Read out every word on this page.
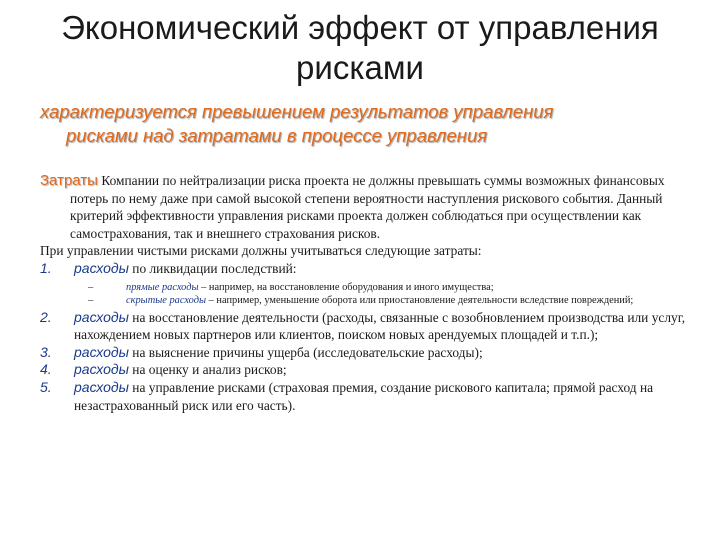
Экономический эффект от управления рисками
характеризуется превышением результатов управления
рисками над затратами в процессе управления

Затраты Компании по нейтрализации риска проекта не должны превышать суммы возможных финансовых потерь по нему даже при самой высокой степени вероятности наступления рискового события. Данный критерий эффективности управления рисками проекта должен соблюдаться при осуществлении как самострахования, так и внешнего страхования рисков.

При управлении чистыми рисками должны учитываться следующие затраты:

1. расходы по ликвидации последствий:
–	прямые расходы – например, на восстановление оборудования и иного имущества;
–	скрытые расходы – например, уменьшение оборота или приостановление деятельности вследствие повреждений;
2. расходы на восстановление деятельности (расходы, связанные с возобновлением производства или услуг, нахождением новых партнеров или клиентов, поиском новых арендуемых площадей и т.п.);
3. расходы на выяснение причины ущерба (исследовательские расходы);
4. расходы на оценку и анализ рисков;
5. расходы на управление рисками (страховая премия, создание рискового капитала; прямой расход на незастрахованный риск или его часть).
